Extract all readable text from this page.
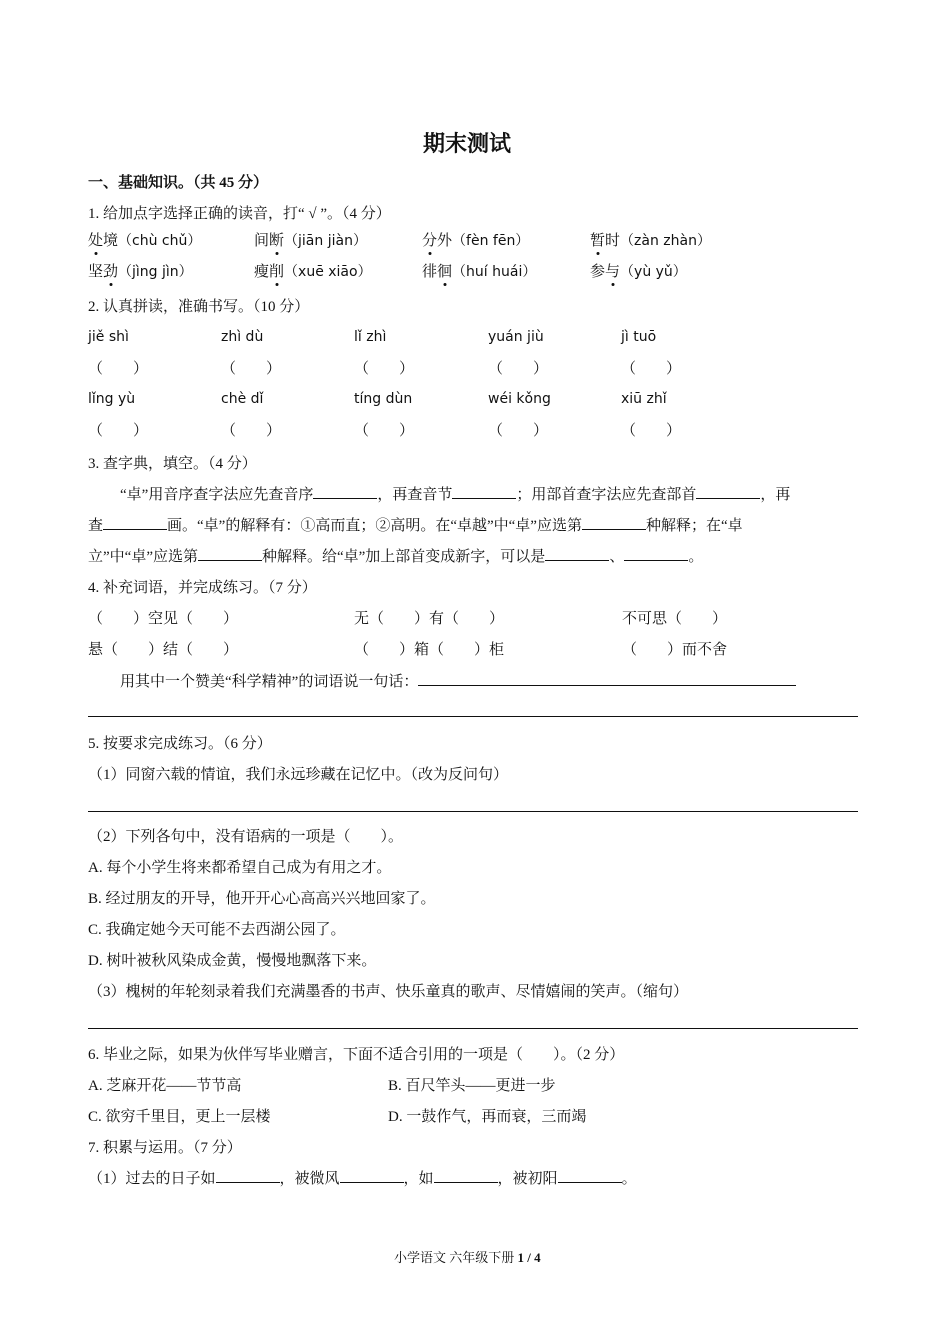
期末测试
一、基础知识。（共 45 分）
1. 给加点字选择正确的读音，打“ √ ”。（4 分）
处境（chù chǔ）	间断（jiān jiàn）	分外（fèn fēn）	暂时（zàn zhàn）
坚劲（jìng jìn）	瘦削（xuē xiāo）	徘徊（huí huái）	参与（yù yǔ）
2. 认真拼读，准确书写。（10 分）
jiě shì	zhì dù	lǐ zhì	yuán jiù	jì tuō
（　　）	（　　）	（　　）	（　　）	（　　）
lǐng yù	chè dǐ	tíng dùn	wéi kǒng	xiū zhǐ
（　　）	（　　）	（　　）	（　　）	（　　）
3. 查字典，填空。（4 分）
“卓”用音序查字法应先查音序	，再查音节	；用部首查字法应先查部首	，再
查	画。“卓”的解释有：①高而直；②高明。在“卓越”中“卓”应选第	种解释；在“卓
立”中“卓”应选第	种解释。给“卓”加上部首变成新字，可以是	、	。
4. 补充词语，并完成练习。（7 分）
（　　）空见（　　）	无（　　）有（　　）	不可思（　　）
悬（　　）结（　　）	（　　）箱（　　）柜	（　　）而不舍
用其中一个赞美“科学精神”的词语说一句话：
5. 按要求完成练习。（6 分）
（1）同窗六载的情谊，我们永远珍藏在记忆中。（改为反问句）
（2）下列各句中，没有语病的一项是（　　）。
A. 每个小学生将来都希望自己成为有用之才。
B. 经过朋友的开导，他开开心心高高兴兴地回家了。
C. 我确定她今天可能不去西湖公园了。
D. 树叶被秋风染成金黄，慢慢地飘落下来。
（3）槐树的年轮刻录着我们充满墨香的书声、快乐童真的歌声、尽情嬉闹的笑声。（缩句）
6. 毕业之际，如果为伙伴写毕业赠言，下面不适合引用的一项是（　　）。（2 分）
A. 芝麻开花——节节高	B. 百尺竿头——更进一步
C. 欲穷千里目，更上一层楼	D. 一鼓作气，再而衰，三而竭
7. 积累与运用。（7 分）
（1）过去的日子如	，被微风	，如	，被初阳	。
小学语文 六年级下册 1 / 4
